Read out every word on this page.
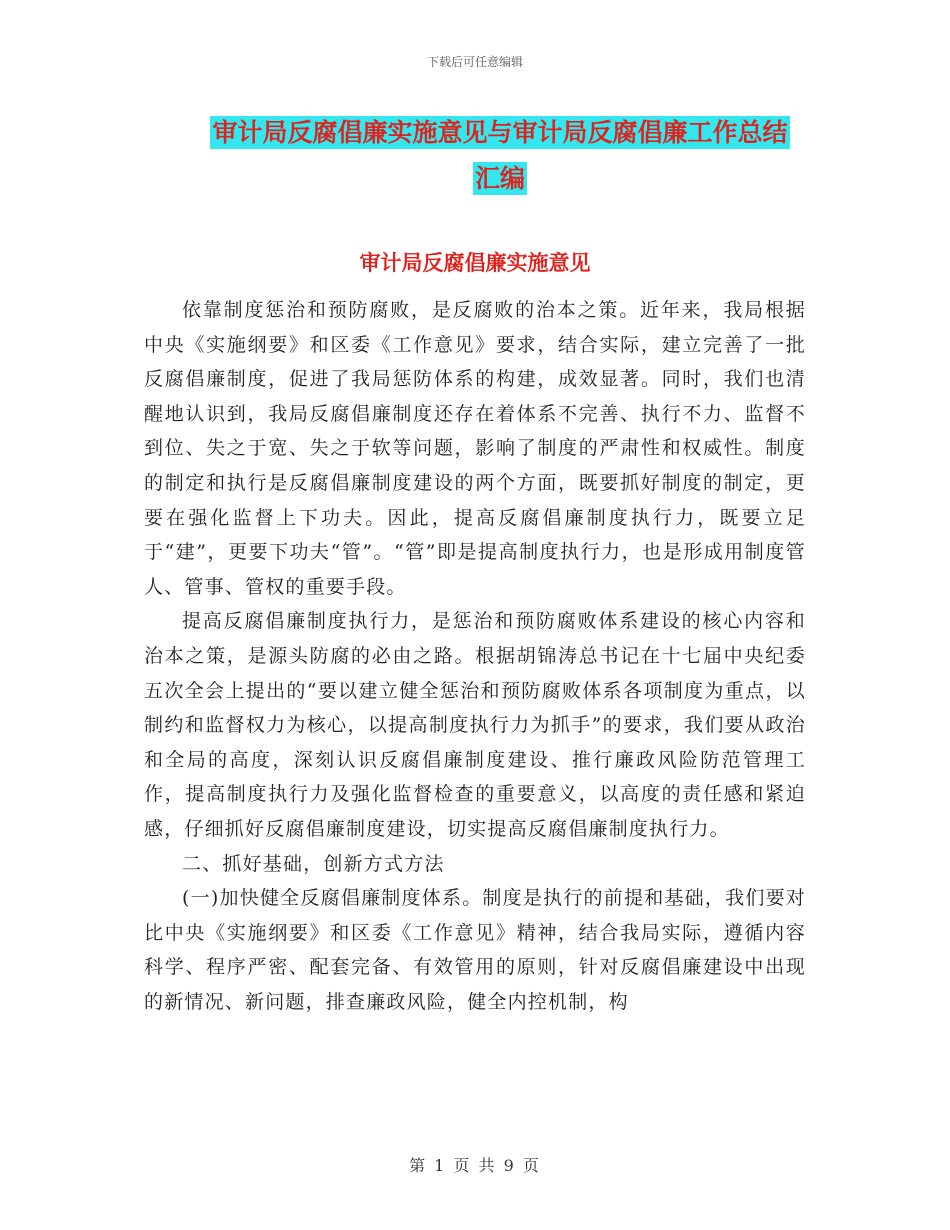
下载后可任意编辑
审计局反腐倡廉实施意见与审计局反腐倡廉工作总结
汇编
审计局反腐倡廉实施意见

依靠制度惩治和预防腐败，是反腐败的治本之策。近年来，我局根据中央《实施纲要》和区委《工作意见》要求，结合实际，建立完善了一批反腐倡廉制度，促进了我局惩防体系的构建，成效显著。同时，我们也清醒地认识到，我局反腐倡廉制度还存在着体系不完善、执行不力、监督不到位、失之于宽、失之于软等问题，影响了制度的严肃性和权威性。制度的制定和执行是反腐倡廉制度建设的两个方面，既要抓好制度的制定，更要在强化监督上下功夫。因此，提高反腐倡廉制度执行力，既要立足于“建”，更要下功夫“管”。“管”即是提高制度执行力，也是形成用制度管人、管事、管权的重要手段。

提高反腐倡廉制度执行力，是惩治和预防腐败体系建设的核心内容和治本之策，是源头防腐的必由之路。根据胡锦涛总书记在十七届中央纪委五次全会上提出的“要以建立健全惩治和预防腐败体系各项制度为重点，以制约和监督权力为核心，以提高制度执行力为抓手”的要求，我们要从政治和全局的高度，深刻认识反腐倡廉制度建设、推行廉政风险防范管理工作，提高制度执行力及强化监督检查的重要意义，以高度的责任感和紧迫感，仔细抓好反腐倡廉制度建设，切实提高反腐倡廉制度执行力。

二、抓好基础，创新方式方法

(一)加快健全反腐倡廉制度体系。制度是执行的前提和基础，我们要对比中央《实施纲要》和区委《工作意见》精神，结合我局实际，遵循内容科学、程序严密、配套完备、有效管用的原则，针对反腐倡廉建设中出现的新情况、新问题，排查廉政风险，健全内控机制，构

第 1 页 共 9 页
